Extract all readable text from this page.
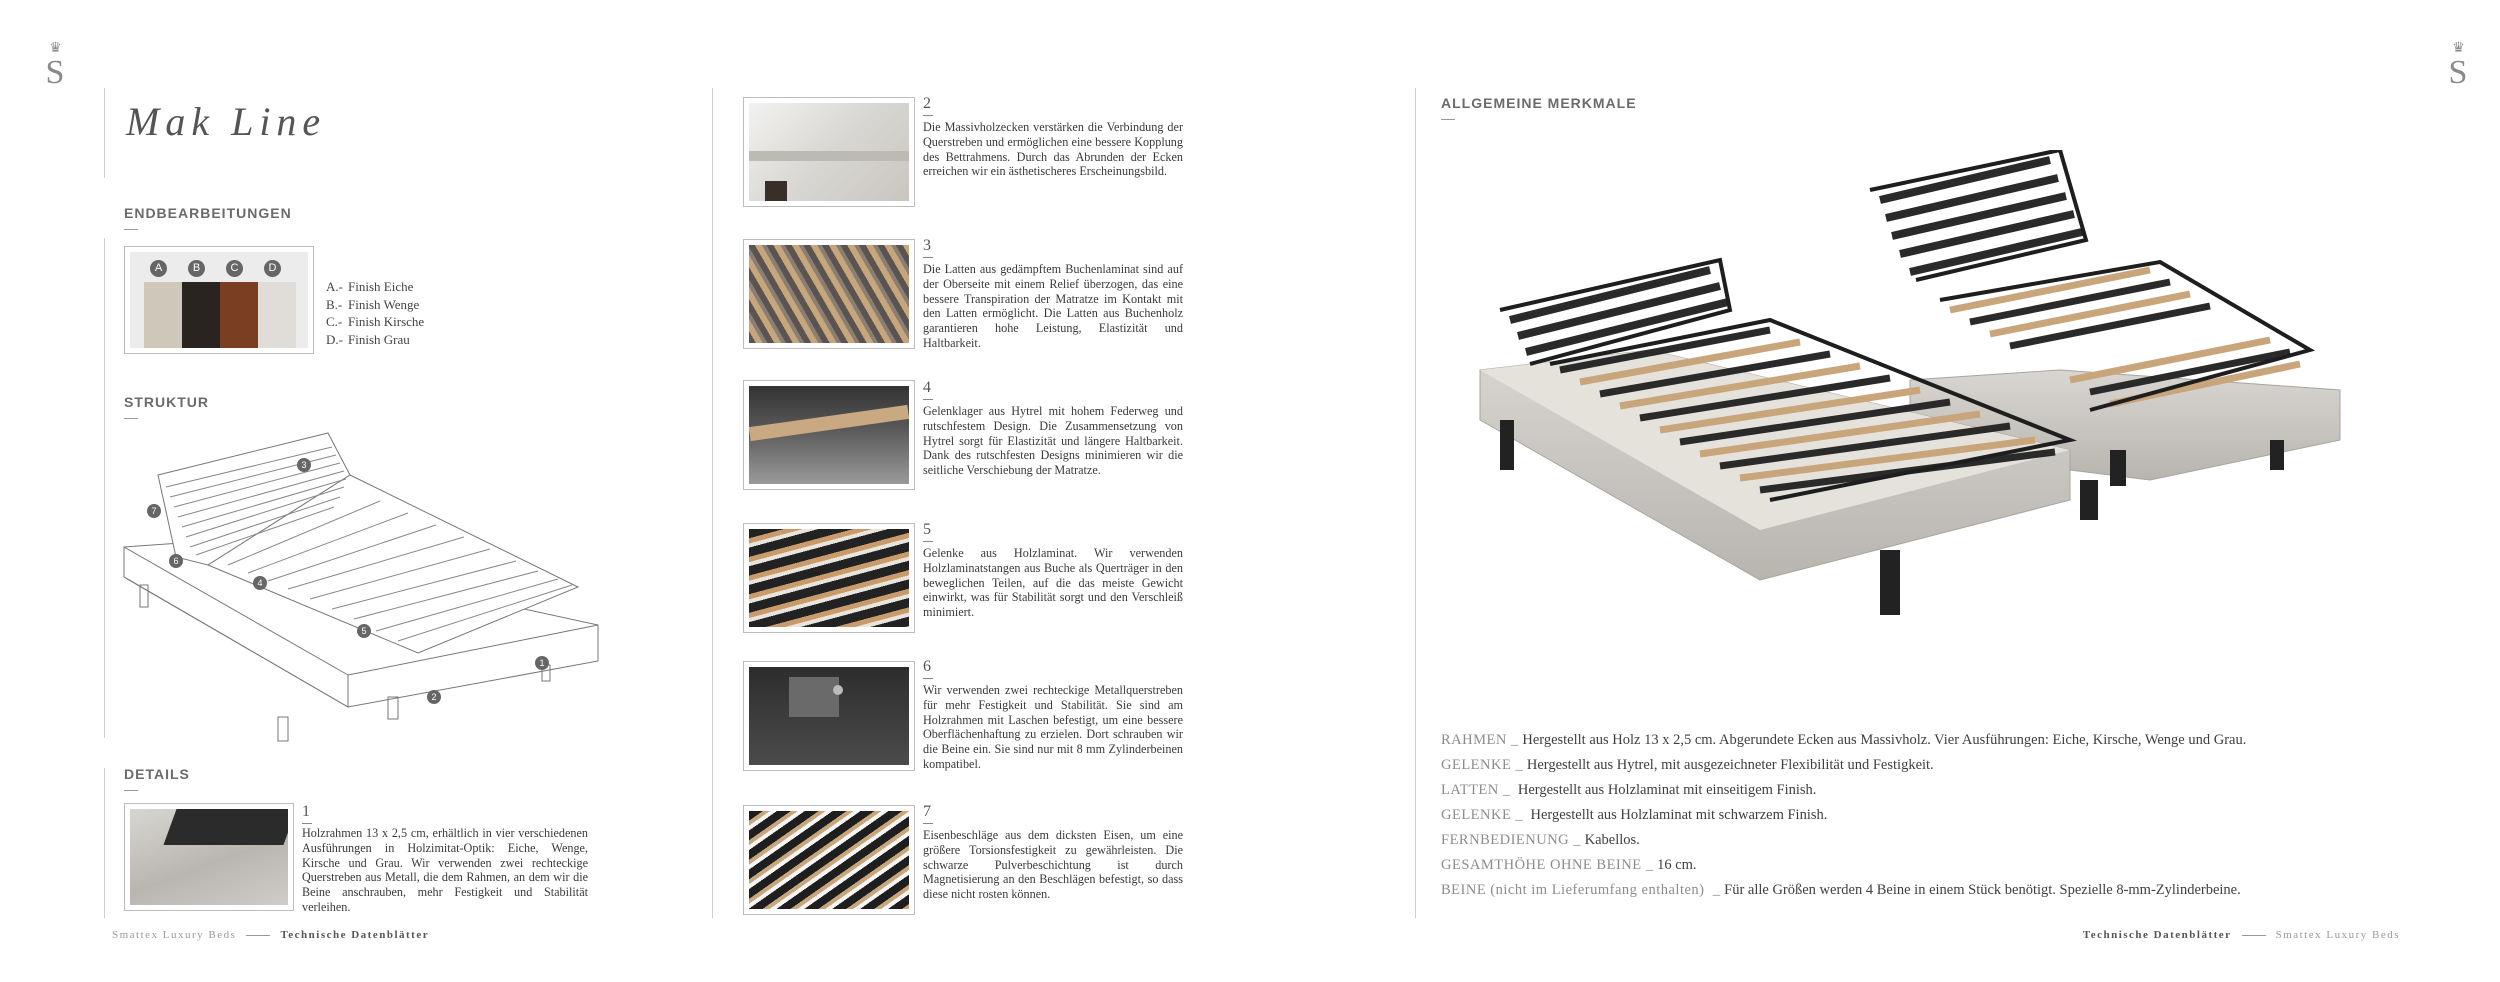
♛
S
♛
S
Mak Line
ENDBEARBEITUNGEN
A	B	C	D
A.- Finish Eiche
B.- Finish Wenge
C.- Finish Kirsche
D.- Finish Grau
STRUKTUR
1
2
3
4
5
6
7
DETAILS
1
Holzrahmen 13 x 2,5 cm, erhältlich in vier verschiedenen Ausführungen in Holzimitat-Optik: Eiche, Wenge, Kirsche und Grau. Wir verwenden zwei rechteckige Querstreben aus Metall, die dem Rahmen, an dem wir die Beine anschrauben, mehr Festigkeit und Stabilität verleihen.
2
Die Massivholzecken verstärken die Verbindung der Querstreben und ermöglichen eine bessere Kopplung des Bettrahmens. Durch das Abrunden der Ecken erreichen wir ein ästhetischeres Erscheinungsbild.
3
Die Latten aus gedämpftem Buchenlaminat sind auf der Oberseite mit einem Relief überzogen, das eine bessere Transpiration der Matratze im Kontakt mit den Latten ermöglicht. Die Latten aus Buchenholz garantieren hohe Leistung, Elastizität und Haltbarkeit.
4
Gelenklager aus Hytrel mit hohem Federweg und rutschfestem Design. Die Zusammensetzung von Hytrel sorgt für Elastizität und längere Haltbarkeit. Dank des rutschfesten Designs minimieren wir die seitliche Verschiebung der Matratze.
5
Gelenke aus Holzlaminat. Wir verwenden Holzlaminatstangen aus Buche als Querträger in den beweglichen Teilen, auf die das meiste Gewicht einwirkt, was für Stabilität sorgt und den Verschleiß minimiert.
6
Wir verwenden zwei rechteckige Metallquerstreben für mehr Festigkeit und Stabilität. Sie sind am Holzrahmen mit Laschen befestigt, um eine bessere Oberflächenhaftung zu erzielen. Dort schrauben wir die Beine ein. Sie sind nur mit 8 mm Zylinderbeinen kompatibel.
7
Eisenbeschläge aus dem dicksten Eisen, um eine größere Torsionsfestigkeit zu gewährleisten. Die schwarze Pulverbeschichtung ist durch Magnetisierung an den Beschlägen befestigt, so dass diese nicht rosten können.
ALLGEMEINE MERKMALE
RAHMEN _ Hergestellt aus Holz 13 x 2,5 cm. Abgerundete Ecken aus Massivholz. Vier Ausführungen: Eiche, Kirsche, Wenge und Grau.
GELENKE _ Hergestellt aus Hytrel, mit ausgezeichneter Flexibilität und Festigkeit.
LATTEN _  Hergestellt aus Holzlaminat mit einseitigem Finish.
GELENKE _  Hergestellt aus Holzlaminat mit schwarzem Finish.
FERNBEDIENUNG _ Kabellos.
GESAMTHÖHE OHNE BEINE _ 16 cm.
BEINE (nicht im Lieferumfang enthalten)  _ Für alle Größen werden 4 Beine in einem Stück benötigt. Spezielle 8-mm-Zylinderbeine.
Smattex Luxury Beds	Technische Datenblätter	Technische Datenblätter	Smattex Luxury Beds
